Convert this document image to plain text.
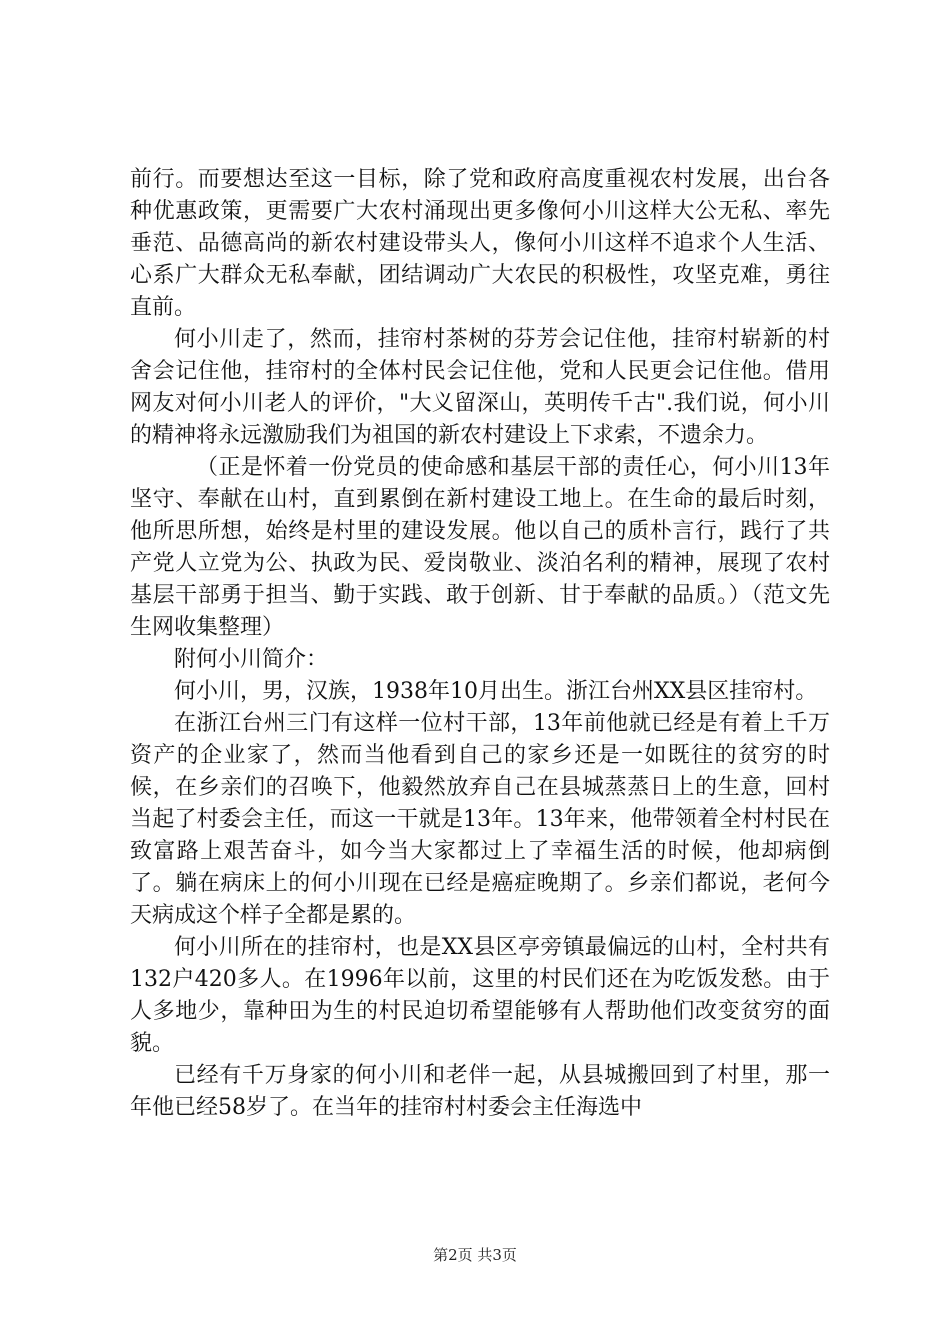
前行。而要想达至这一目标，除了党和政府高度重视农村发展，出台各种优惠政策，更需要广大农村涌现出更多像何小川这样大公无私、率先垂范、品德高尚的新农村建设带头人，像何小川这样不追求个人生活、心系广大群众无私奉献，团结调动广大农民的积极性，攻坚克难，勇往直前。

何小川走了，然而，挂帘村茶树的芬芳会记住他，挂帘村崭新的村舍会记住他，挂帘村的全体村民会记住他，党和人民更会记住他。借用网友对何小川老人的评价，"大义留深山，英明传千古".我们说，何小川的精神将永远激励我们为祖国的新农村建设上下求索，不遗余力。

（正是怀着一份党员的使命感和基层干部的责任心，何小川13年坚守、奉献在山村，直到累倒在新村建设工地上。在生命的最后时刻，他所思所想，始终是村里的建设发展。他以自己的质朴言行，践行了共产党人立党为公、执政为民、爱岗敬业、淡泊名利的精神，展现了农村基层干部勇于担当、勤于实践、敢于创新、甘于奉献的品质。）（范文先生网收集整理）

附何小川简介：

何小川，男，汉族，1938年10月出生。浙江台州XX县区挂帘村。

在浙江台州三门有这样一位村干部，13年前他就已经是有着上千万资产的企业家了，然而当他看到自己的家乡还是一如既往的贫穷的时候，在乡亲们的召唤下，他毅然放弃自己在县城蒸蒸日上的生意，回村当起了村委会主任，而这一干就是13年。13年来，他带领着全村村民在致富路上艰苦奋斗，如今当大家都过上了幸福生活的时候，他却病倒了。躺在病床上的何小川现在已经是癌症晚期了。乡亲们都说，老何今天病成这个样子全都是累的。

何小川所在的挂帘村，也是XX县区亭旁镇最偏远的山村，全村共有132户420多人。在1996年以前，这里的村民们还在为吃饭发愁。由于人多地少，靠种田为生的村民迫切希望能够有人帮助他们改变贫穷的面貌。

已经有千万身家的何小川和老伴一起，从县城搬回到了村里，那一年他已经58岁了。在当年的挂帘村村委会主任海选中

第2页 共3页
